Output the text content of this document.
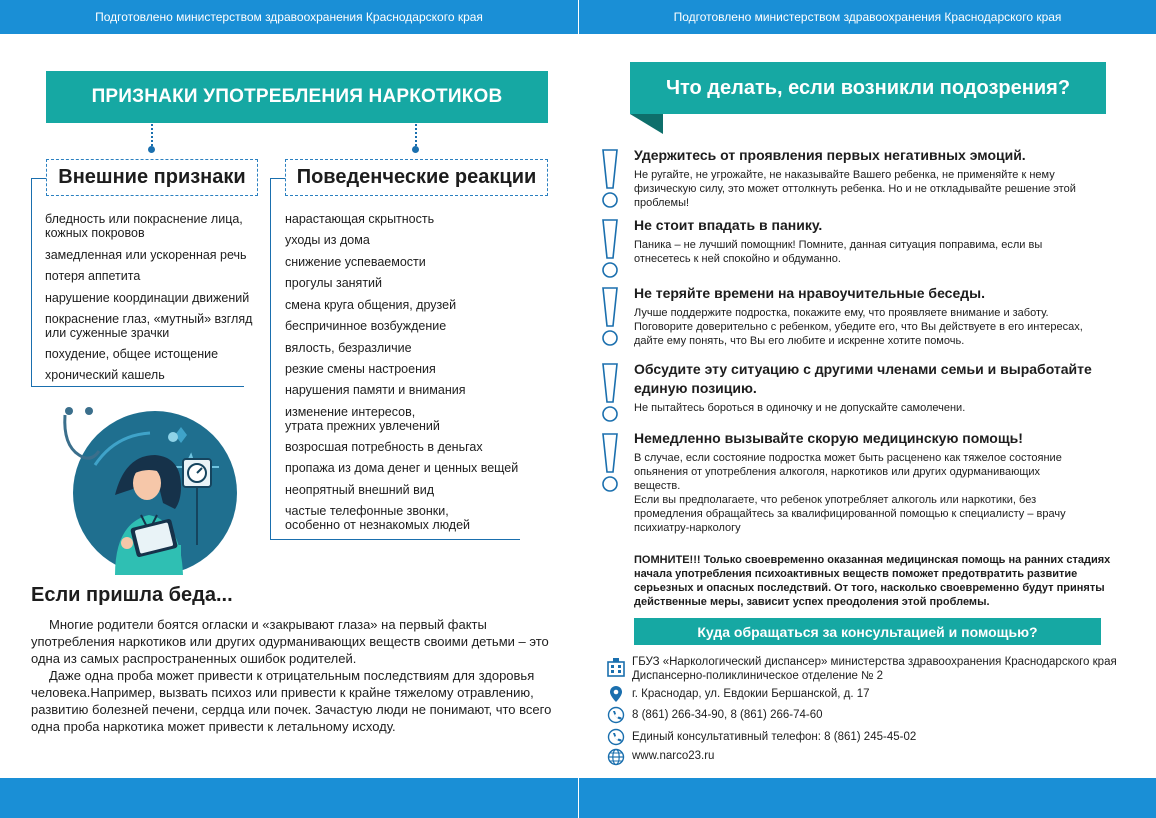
Подготовлено министерством здравоохранения Краснодарского края	Подготовлено министерством здравоохранения Краснодарского края
ПРИЗНАКИ УПОТРЕБЛЕНИЯ НАРКОТИКОВ
Внешние признаки	Поведенческие реакции
бледность или покраснение лица,
кожных покровов
замедленная или ускоренная речь
потеря аппетита
нарушение координации движений
покраснение глаз, «мутный» взгляд
или суженные зрачки
похудение, общее истощение
хронический кашель
нарастающая скрытность
уходы из дома
снижение успеваемости
прогулы занятий
смена круга общения, друзей
беспричинное возбуждение
вялость, безразличие
резкие смены настроения
нарушения памяти и внимания
изменение интересов,
утрата прежних увлечений
возросшая потребность в деньгах
пропажа из дома денег и ценных вещей
неопрятный внешний вид
частые телефонные звонки,
особенно от незнакомых людей
Если пришла беда...

Многие родители боятся огласки и «закрывают глаза» на первый факты употребления наркотиков или других одурманивающих веществ своими детьми – это одна из самых распространенных ошибок родителей.

Даже одна проба может привести к отрицательным последствиям для здоровья человека.Например, вызвать психоз или привести к крайне тяжелому отравлению, развитию болезней печени, сердца или почек. Зачастую люди не понимают, что всего одна проба наркотика может привести к летальному исходу.

Что делать, если возникли подозрения?
Удержитесь от проявления первых негативных эмоций.
Не ругайте, не угрожайте, не наказывайте Вашего ребенка, не применяйте к нему
физическую силу, это может оттолкнуть ребенка. Но и не откладывайте решение этой
проблемы!
Не стоит впадать в панику.
Паника – не лучший помощник! Помните, данная ситуация поправима, если вы
отнесетесь к ней спокойно и обдуманно.
Не теряйте времени на нравоучительные беседы.
Лучше поддержите подростка, покажите ему, что проявляете внимание и заботу.
Поговорите доверительно с ребенком, убедите его, что Вы действуете в его интересах,
дайте ему понять, что Вы его любите и искренне хотите помочь.
Обсудите эту ситуацию с другими членами семьи и выработайте единую позицию.
Не пытайтесь бороться в одиночку и не допускайте самолечени.
Немедленно вызывайте скорую медицинскую помощь!
В случае, если состояние подростка может быть расценено как тяжелое состояние
опьянения от употребления алкоголя, наркотиков или других одурманивающих
веществ.
Если вы предполагаете, что ребенок употребляет алкоголь или наркотики, без
промедления обращайтесь за квалифицированной помощью к специалисту – врачу
психиатру-наркологу
ПОМНИТЕ!!! Только своевременно оказанная медицинская помощь на ранних стадиях начала употребления психоактивных веществ поможет предотвратить развитие серьезных и опасных последствий. От того, насколько своевременно будут приняты действенные меры, зависит успех преодоления этой проблемы.
Куда обращаться за консультацией и помощью?
ГБУЗ «Наркологический диспансер» министерства здравоохранения Краснодарского края
Диспансерно-поликлиническое отделение № 2
г. Краснодар, ул. Евдокии Бершанской, д. 17
8 (861) 266-34-90, 8 (861) 266-74-60
Единый консультативный телефон: 8 (861) 245-45-02
www.narco23.ru
